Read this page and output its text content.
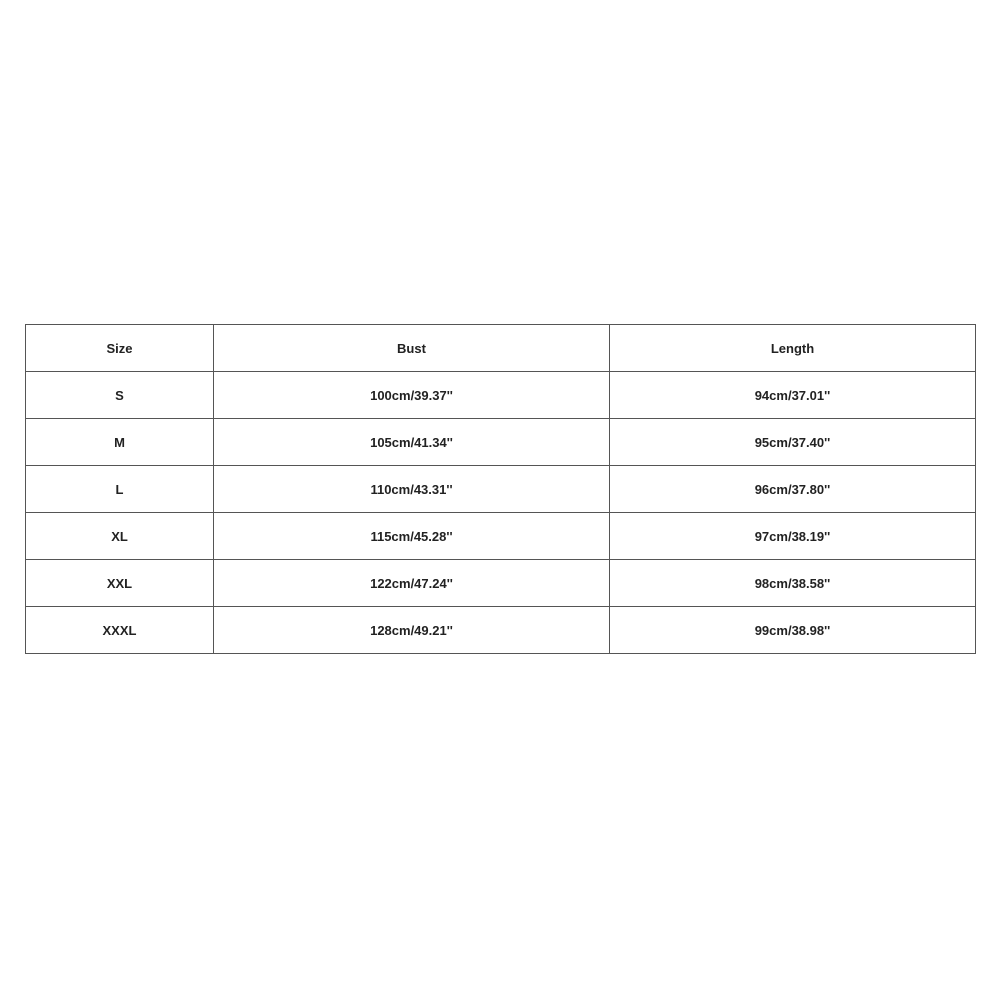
Size	Bust	Length
S	100cm/39.37''	94cm/37.01''
M	105cm/41.34''	95cm/37.40''
L	110cm/43.31''	96cm/37.80''
XL	115cm/45.28''	97cm/38.19''
XXL	122cm/47.24''	98cm/38.58''
XXXL	128cm/49.21''	99cm/38.98''
